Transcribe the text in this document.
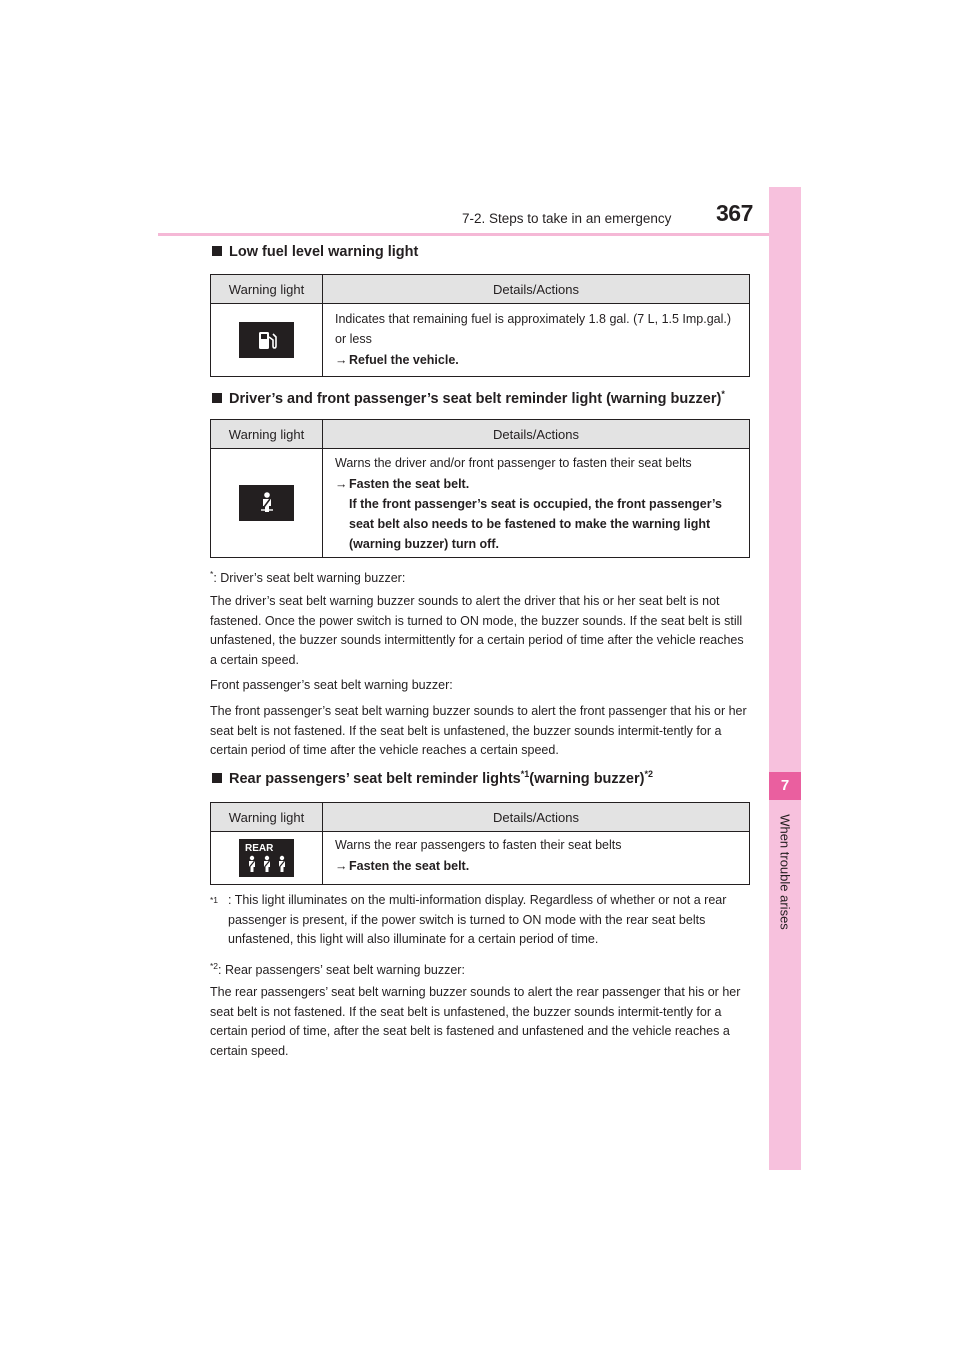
7-2. Steps to take in an emergency 367
7
When trouble arises
Low fuel level warning light
Warning light	Details/Actions
Indicates that remaining fuel is approximately 1.8 gal. (7 L, 1.5 Imp.gal.) or less
→ Refuel the vehicle.
Driver’s and front passenger’s seat belt reminder light (warning buzzer)*
Warning light	Details/Actions
Warns the driver and/or front passenger to fasten their seat belts
→ Fasten the seat belt.
If the front passenger’s seat is occupied, the front passenger’s seat belt also needs to be fastened to make the warning light (warning buzzer) turn off.
*: Driver’s seat belt warning buzzer:
The driver’s seat belt warning buzzer sounds to alert the driver that his or her seat belt is not fastened. Once the power switch is turned to ON mode, the buzzer sounds. If the seat belt is still unfastened, the buzzer sounds intermittently for a certain period of time after the vehicle reaches a certain speed.
Front passenger’s seat belt warning buzzer:
The front passenger’s seat belt warning buzzer sounds to alert the front passenger that his or her seat belt is not fastened. If the seat belt is unfastened, the buzzer sounds intermit-tently for a certain period of time after the vehicle reaches a certain speed.
Rear passengers’ seat belt reminder lights$^{*1}$(warning buzzer)$^{*2}$
Warning light	Details/Actions
REAR	Warns the rear passengers to fasten their seat belts
→ Fasten the seat belt.
$^{*1}$ : This light illuminates on the multi-information display. Regardless of whether or not a rear passenger is present, if the power switch is turned to ON mode with the rear seat belts unfastened, this light will also illuminate for a certain period of time.
$^{*2}$: Rear passengers’ seat belt warning buzzer:
The rear passengers’ seat belt warning buzzer sounds to alert the rear passenger that his or her seat belt is not fastened. If the seat belt is unfastened, the buzzer sounds intermit-tently for a certain period of time, after the seat belt is fastened and unfastened and the vehicle reaches a certain speed.
